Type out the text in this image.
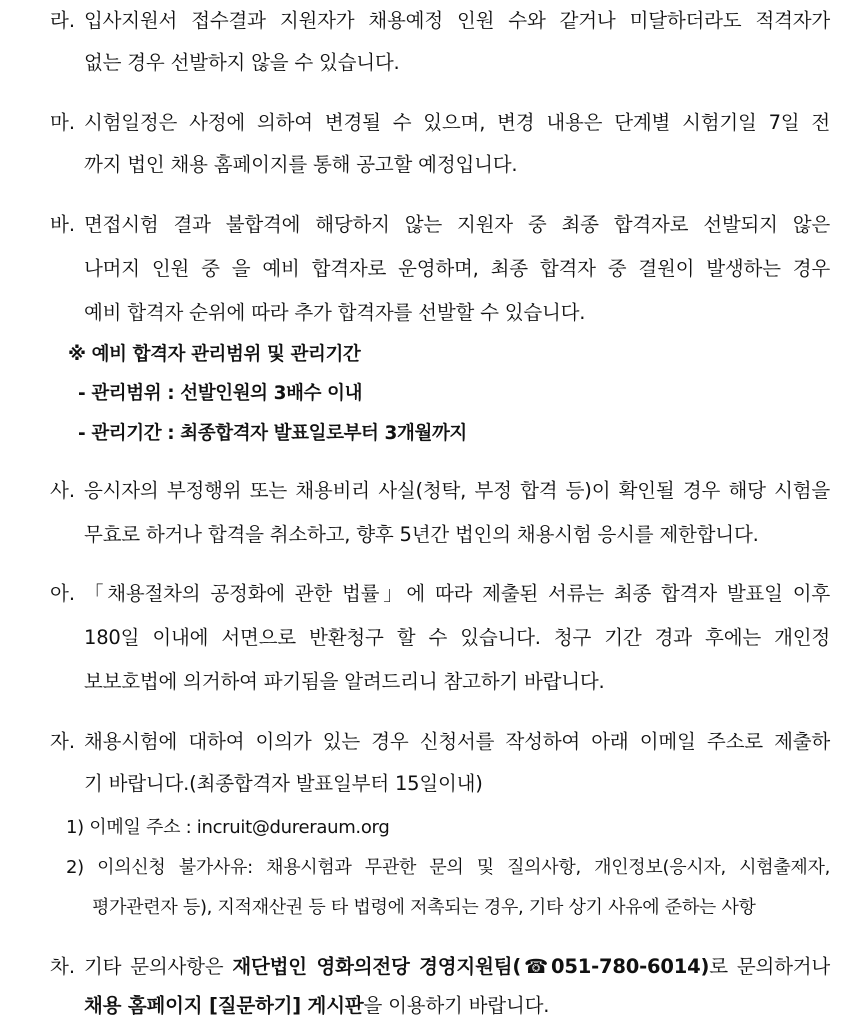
라. 입사지원서 접수결과 지원자가 채용예정 인원 수와 같거나 미달하더라도 적격자가
없는 경우 선발하지 않을 수 있습니다.
마. 시험일정은 사정에 의하여 변경될 수 있으며, 변경 내용은 단계별 시험기일 7일 전
까지 법인 채용 홈페이지를 통해 공고할 예정입니다.
바. 면접시험 결과 불합격에 해당하지 않는 지원자 중 최종 합격자로 선발되지 않은
나머지 인원 중 을 예비 합격자로 운영하며, 최종 합격자 중 결원이 발생하는 경우
예비 합격자 순위에 따라 추가 합격자를 선발할 수 있습니다.
※ 예비 합격자 관리범위 및 관리기간
- 관리범위 : 선발인원의 3배수 이내
- 관리기간 : 최종합격자 발표일로부터 3개월까지
사. 응시자의 부정행위 또는 채용비리 사실(청탁, 부정 합격 등)이 확인될 경우 해당 시험을
무효로 하거나 합격을 취소하고, 향후 5년간 법인의 채용시험 응시를 제한합니다.
아. 「채용절차의 공정화에 관한 법률」에 따라 제출된 서류는 최종 합격자 발표일 이후
180일 이내에 서면으로 반환청구 할 수 있습니다. 청구 기간 경과 후에는 개인정
보보호법에 의거하여 파기됨을 알려드리니 참고하기 바랍니다.
자. 채용시험에 대하여 이의가 있는 경우 신청서를 작성하여 아래 이메일 주소로 제출하
기 바랍니다.(최종합격자 발표일부터 15일이내)
1) 이메일 주소 : incruit@dureraum.org
2) 이의신청 불가사유: 채용시험과 무관한 문의 및 질의사항, 개인정보(응시자, 시험출제자,
평가관련자 등), 지적재산권 등 타 법령에 저촉되는 경우, 기타 상기 사유에 준하는 사항
차. 기타 문의사항은 재단법인 영화의전당 경영지원팀(☎051-780-6014)로 문의하거나
채용 홈페이지 [질문하기] 게시판을 이용하기 바랍니다.
